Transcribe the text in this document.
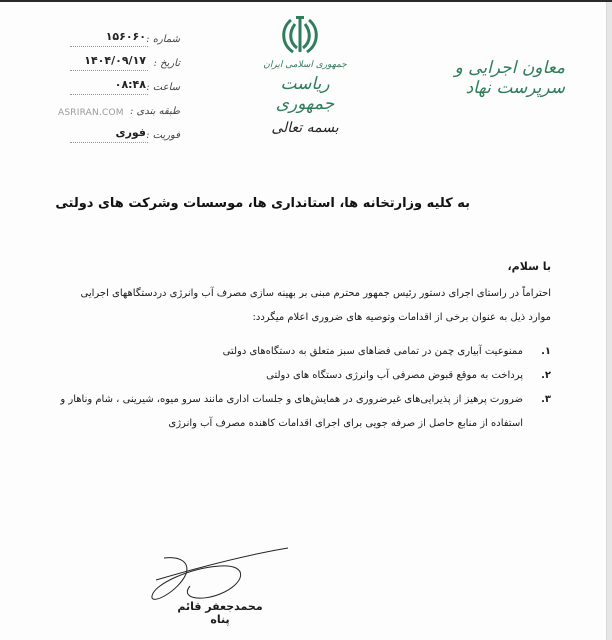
شماره :
۱۵۶۰۶۰
تاریخ :
۱۴۰۴/۰۹/۱۷
ساعت :
۰۸:۴۸
طبقه بندی :
ASRIRAN.COM
فوریت :
فوری
جمهوری اسلامی ایران
ریاست جمهوری
بسمه تعالی
معاون اجرایی و سرپرست نهاد
به کلیه وزارتخانه ها، استانداری ها، موسسات وشرکت های دولتی
با سلام،
احتراماً در راستای اجرای دستور رئیس جمهور محترم مبنی بر بهینه سازی مصرف آب وانرژی دردستگاههای اجرایی موارد ذیل به عنوان برخی از اقدامات وتوصیه های ضروری اعلام میگردد:
۱.
ممنوعیت آبیاری چمن در تمامی فضاهای سبز متعلق به دستگاه‌های دولتی
۲.
پرداخت به موقع قبوض مصرفی آب وانرژی دستگاه های دولتی
۳.
ضرورت پرهیز از پذیرایی‌های غیرضروری در همایش‌های و جلسات اداری مانند سرو میوه، شیرینی ، شام وناهار و استفاده از منابع حاصل از صرفه جویی برای اجرای اقدامات کاهنده مصرف آب وانرژی
محمدجعفر قائم پناه
